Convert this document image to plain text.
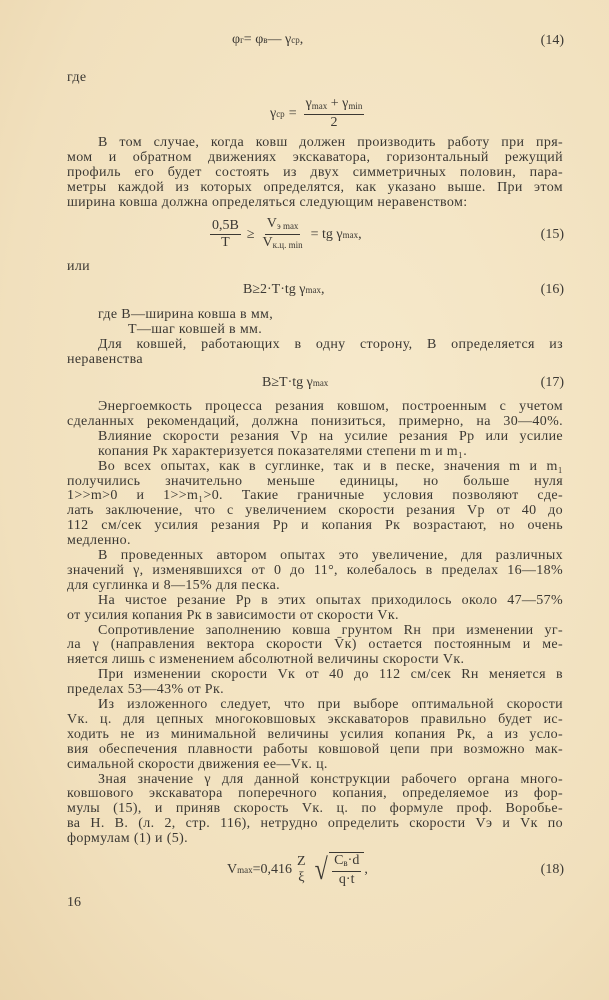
φ г = φ в — γ ср ,	(14)
где
γ ср = $\frac{\gamma_{max} + \gamma_{min}}{2}$
В том случае, когда ковш должен производить работу при пря-
мом и обратном движениях экскаватора, горизонтальный режущий
профиль его будет состоять из двух симметричных половин, пара-
метры каждой из которых определятся, как указано выше. При этом
ширина ковша должна определяться следующим неравенством:
$\frac{0,5B}{T} \ge \frac{V_{э max}}{V_{к.ц. min}}$ = tg γ max ,	(15)
или
B≥2·T·tg γ max ,	(16)
где B—ширина ковша в мм,
Т—шаг ковшей в мм.
Для ковшей, работающих в одну сторону, B определяется из
неравенства
B≥T·tg γ max	(17)
Энергоемкость процесса резания ковшом, построенным с учетом
сделанных рекомендаций, должна понизиться, примерно, на 30—40%.
Влияние скорости резания Vр на усилие резания Pр или усилие
копания Pк характеризуется показателями степени m и m₁.
Во всех опытах, как в суглинке, так и в песке, значения m и m₁
получились значительно меньше единицы, но больше нуля
1>>m>0 и 1>>m₁>0. Такие граничные условия позволяют сде-
лать заключение, что с увеличением скорости резания Vр от 40 до
112 см/сек усилия резания Pр и копания Pк возрастают, но очень
медленно.
В проведенных автором опытах это увеличение, для различных
значений γ, изменявшихся от 0 до 11°, колебалось в пределах 16—18%
для суглинка и 8—15% для песка.
На чистое резание Pр в этих опытах приходилось около 47—57%
от усилия копания Pк в зависимости от скорости Vк.
Сопротивление заполнению ковша грунтом Rн при изменении уг-
ла γ (направления вектора скорости V̄к) остается постоянным и ме-
няется лишь с изменением абсолютной величины скорости Vк.
При изменении скорости Vк от 40 до 112 см/сек Rн меняется в
пределах 53—43% от Pк.
Из изложенного следует, что при выборе оптимальной скорости
Vк. ц. для цепных многоковшовых экскаваторов правильно будет ис-
ходить не из минимальной величины усилия копания Pк, а из усло-
вия обеспечения плавности работы ковшовой цепи при возможно мак-
симальной скорости движения ее—Vк. ц.
Зная значение γ для данной конструкции рабочего органа много-
ковшового экскаватора поперечного копания, определяемое из фор-
мулы (15), и приняв скорость Vк. ц. по формуле проф. Воробье-
ва Н. В. (л. 2, стр. 116), нетрудно определить скорости Vэ и Vк по
формулам (1) и (5).
V max =0,416
Z
ξ √ $\frac{C_в\cdot d}{q\cdot t}$ ,	(18)
16
